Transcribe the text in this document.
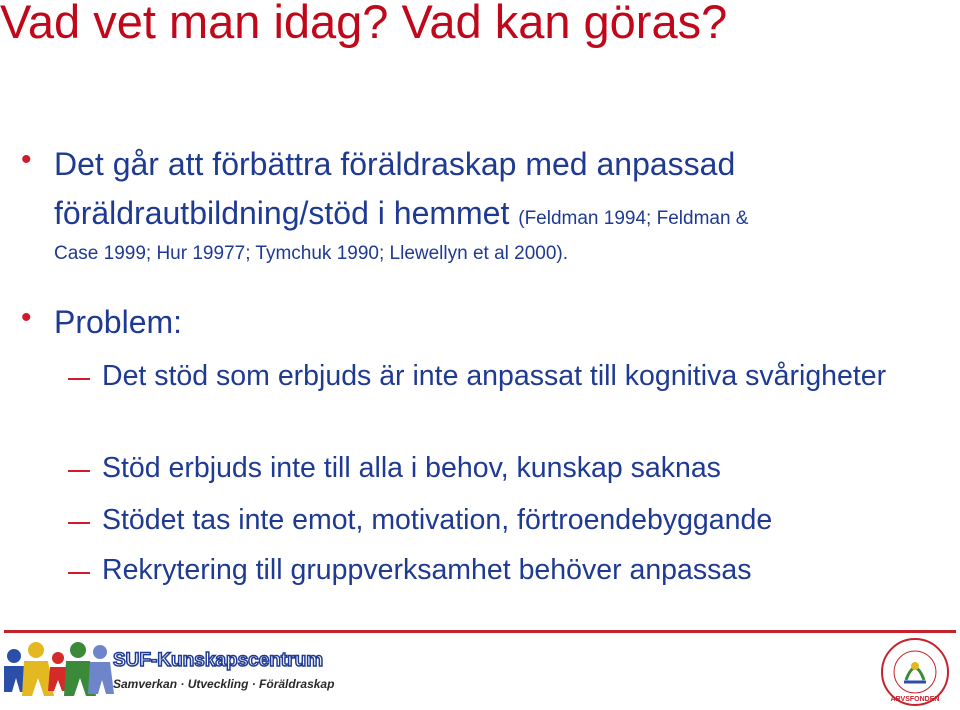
Vad vet man idag? Vad kan göras?
• Det går att förbättra föräldraskap med anpassad föräldrautbildning/stöd i hemmet (Feldman 1994; Feldman &
Case 1999; Hur 19977; Tymchuk 1990; Llewellyn et al 2000).
• Problem:
Det stöd som erbjuds är inte anpassat till kognitiva svårigheter
Stöd erbjuds inte till alla i behov, kunskap saknas
Stödet tas inte emot, motivation, förtroendebyggande
Rekrytering till gruppverksamhet behöver anpassas
SUF-Kunskapscentrum
Samverkan · Utveckling · Föräldraskap
ARVSFONDEN
